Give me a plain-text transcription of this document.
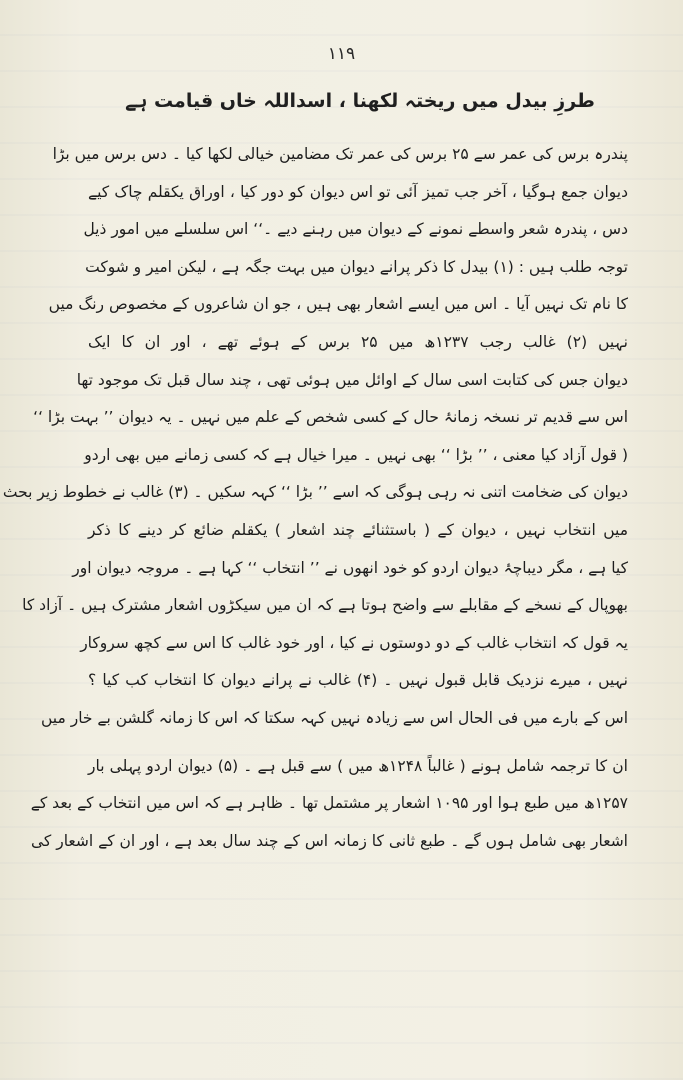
۱۱۹
طرزِ بیدل میں ریختہ لکھنا ، اسداللہ خاں قیامت ہے
پندرہ برس کی عمر سے ۲۵ برس کی عمر تک مضامین خیالی لکھا کیا ۔ دس برس میں بڑا
دیوان جمع ہوگیا ، آخر جب تمیز آئی تو اس دیوان کو دور کیا ، اوراق یکقلم چاک کیے
دس ، پندرہ شعر واسطے نمونے کے دیوان میں رہنے دیے ۔‘‘ اس سلسلے میں امور ذیل
توجہ طلب ہیں : (۱) بیدل کا ذکر پرانے دیوان میں بہت جگہ ہے ، لیکن امیر و شوکت
کا نام تک نہیں آیا ۔ اس میں ایسے اشعار بھی ہیں ، جو ان شاعروں کے مخصوص رنگ میں
نہیں (۲) غالب رجب ۱۲۳۷ھ میں ۲۵ برس کے ہوئے تھے ، اور ان کا ایک
دیوان جس کی کتابت اسی سال کے اوائل میں ہوئی تھی ، چند سال قبل تک موجود تھا
اس سے قدیم تر نسخہ زمانۂ حال کے کسی شخص کے علم میں نہیں ۔ یہ دیوان ’’ بہت بڑا ‘‘
( قول آزاد کیا معنی ، ’’ بڑا ‘‘ بھی نہیں ۔ میرا خیال ہے کہ کسی زمانے میں بھی اردو
دیوان کی ضخامت اتنی نہ رہی ہوگی کہ اسے ’’ بڑا ‘‘ کہہ سکیں ۔ (۳) غالب نے خطوط زیر بحث
میں انتخاب نہیں ، دیوان کے ( باستثنائے چند اشعار ) یکقلم ضائع کر دینے کا ذکر
کیا ہے ، مگر دیباچۂ دیوان اردو کو خود انھوں نے ’’ انتخاب ‘‘ کہا ہے ۔ مروجہ دیوان اور
بھوپال کے نسخے کے مقابلے سے واضح ہوتا ہے کہ ان میں سیکڑوں اشعار مشترک ہیں ۔ آزاد کا
یہ قول کہ انتخاب غالب کے دو دوستوں نے کیا ، اور خود غالب کا اس سے کچھ سروکار
نہیں ، میرے نزدیک قابل قبول نہیں ۔ (۴) غالب نے پرانے دیوان کا انتخاب کب کیا ؟
اس کے بارے میں فی الحال اس سے زیادہ نہیں کہہ سکتا کہ اس کا زمانہ گلشن بے خار میں
ان کا ترجمہ شامل ہونے ( غالباً ۱۲۴۸ھ میں ) سے قبل ہے ۔ (۵) دیوان اردو پہلی بار
۱۲۵۷ھ میں طبع ہوا اور ۱۰۹۵ اشعار پر مشتمل تھا ۔ ظاہر ہے کہ اس میں انتخاب کے بعد کے
اشعار بھی شامل ہوں گے ۔ طبع ثانی کا زمانہ اس کے چند سال بعد ہے ، اور ان کے اشعار کی
